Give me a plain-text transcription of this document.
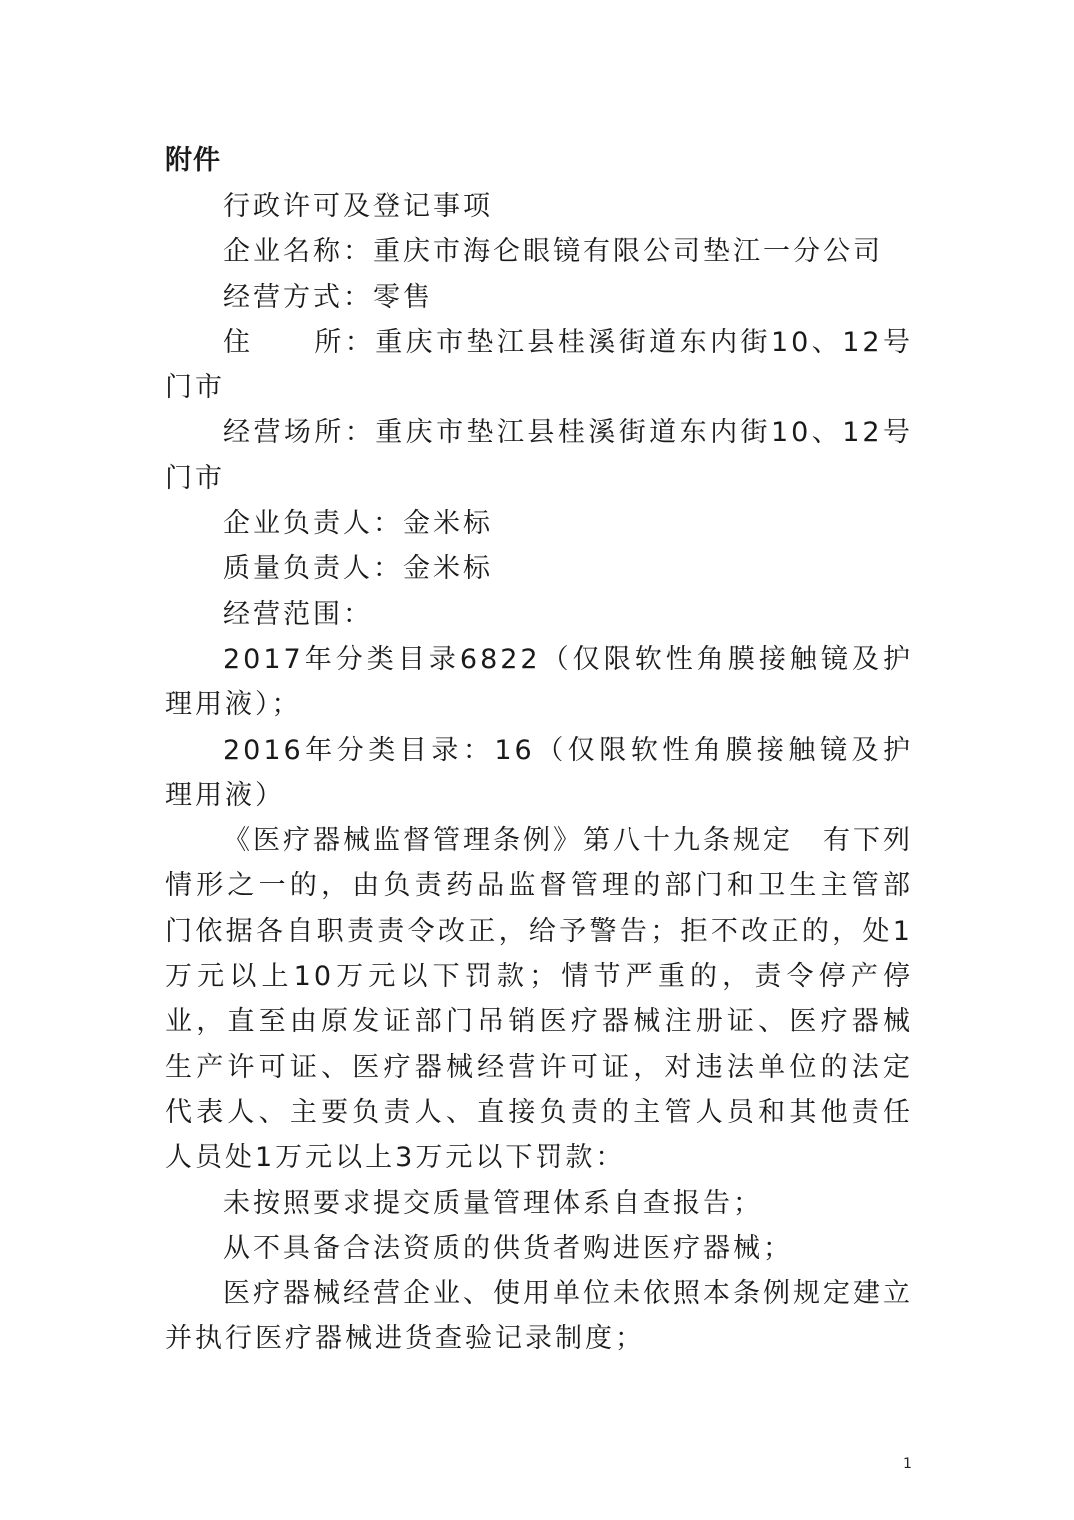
附件

行政许可及登记事项

企业名称：重庆市海仑眼镜有限公司垫江一分公司

经营方式：零售

住　　所：重庆市垫江县桂溪街道东内街10、12号门市

经营场所：重庆市垫江县桂溪街道东内街10、12号门市

企业负责人：金米标

质量负责人：金米标

经营范围：

2017年分类目录6822（仅限软性角膜接触镜及护理用液）；

2016年分类目录：16（仅限软性角膜接触镜及护理用液）

《医疗器械监督管理条例》第八十九条规定　有下列情形之一的，由负责药品监督管理的部门和卫生主管部门依据各自职责责令改正，给予警告；拒不改正的，处1万元以上10万元以下罚款；情节严重的，责令停产停业，直至由原发证部门吊销医疗器械注册证、医疗器械生产许可证、医疗器械经营许可证，对违法单位的法定代表人、主要负责人、直接负责的主管人员和其他责任人员处1万元以上3万元以下罚款：

未按照要求提交质量管理体系自查报告；

从不具备合法资质的供货者购进医疗器械；

医疗器械经营企业、使用单位未依照本条例规定建立并执行医疗器械进货查验记录制度；

1
